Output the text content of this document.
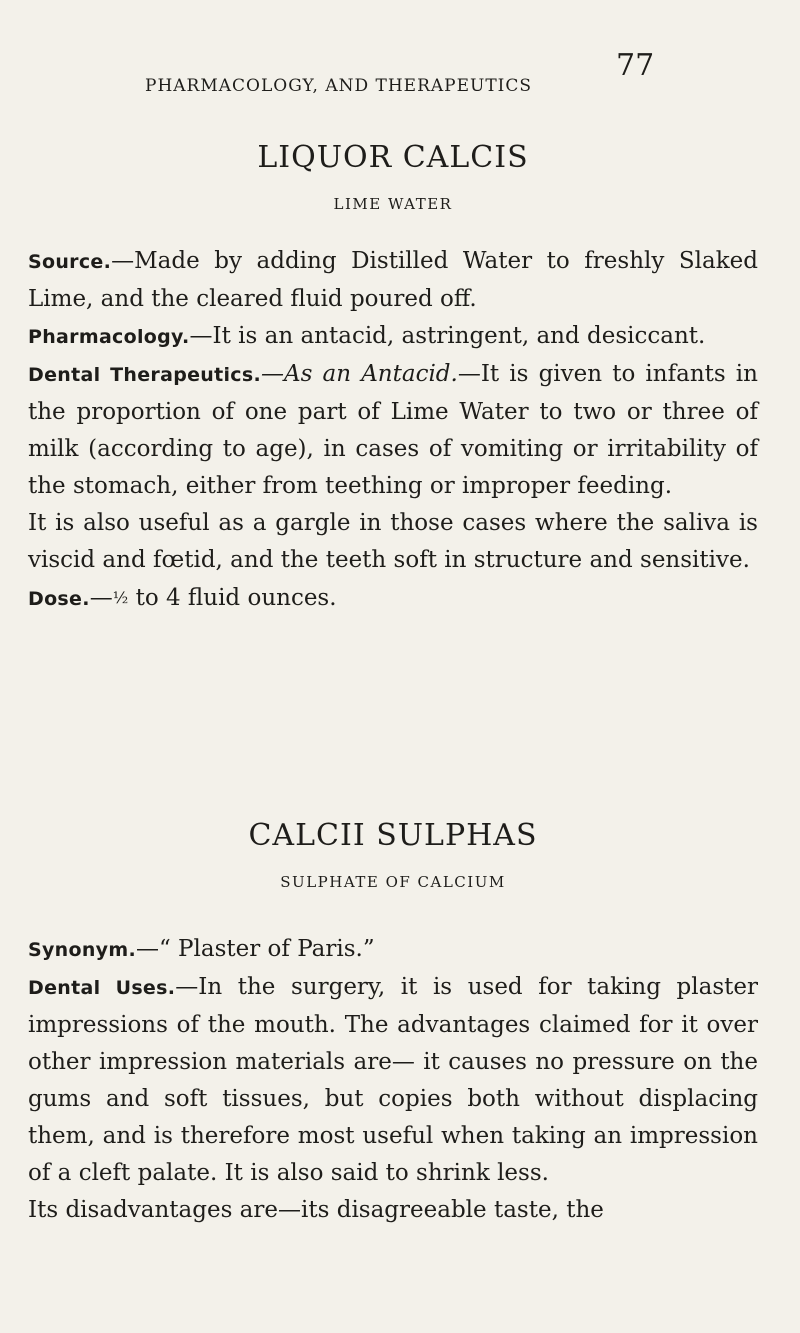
PHARMACOLOGY, AND THERAPEUTICS
77
LIQUOR CALCIS
LIME WATER

Source.—Made by adding Distilled Water to freshly Slaked Lime, and the cleared fluid poured off.

Pharmacology.—It is an antacid, astringent, and desiccant.

Dental Therapeutics.—As an Antacid.—It is given to infants in the proportion of one part of Lime Water to two or three of milk (according to age), in cases of vomiting or irritability of the stomach, either from teething or improper feeding.

It is also useful as a gargle in those cases where the saliva is viscid and fœtid, and the teeth soft in structure and sensitive.

Dose.—½ to 4 fluid ounces.

CALCII SULPHAS
SULPHATE OF CALCIUM

Synonym.—“ Plaster of Paris.”

Dental Uses.—In the surgery, it is used for taking plaster impressions of the mouth. The advantages claimed for it over other impression materials are— it causes no pressure on the gums and soft tissues, but copies both without displacing them, and is therefore most useful when taking an impression of a cleft palate. It is also said to shrink less.

Its disadvantages are—its disagreeable taste, the
